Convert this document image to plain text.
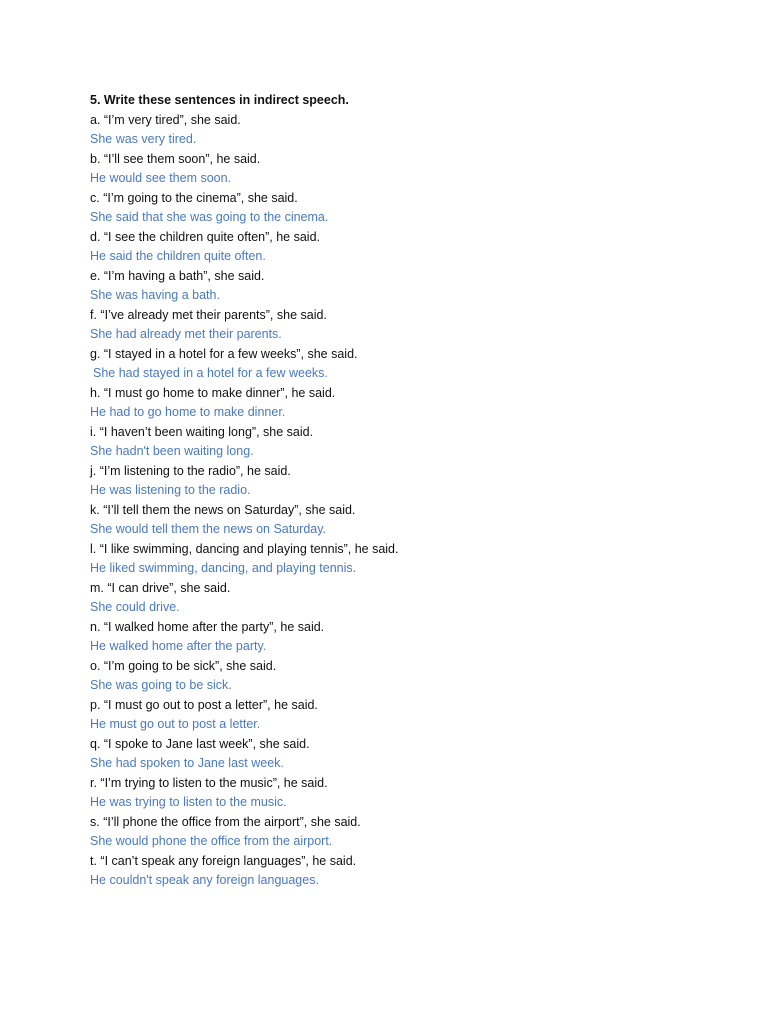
5. Write these sentences in indirect speech.
a. “I’m very tired”, she said.
She was very tired.
b. “I’ll see them soon”, he said.
He would see them soon.
c. “I’m going to the cinema”, she said.
She said that she was going to the cinema.
d. “I see the children quite often”, he said.
He said the children quite often.
e. “I’m having a bath”, she said.
She was having a bath.
f. “I’ve already met their parents”, she said.
She had already met their parents.
g. “I stayed in a hotel for a few weeks”, she said.
She had stayed in a hotel for a few weeks.
h. “I must go home to make dinner”, he said.
He had to go home to make dinner.
i. “I haven’t been waiting long”, she said.
She hadn't been waiting long.
j. “I’m listening to the radio”, he said.
He was listening to the radio.
k. “I’ll tell them the news on Saturday”, she said.
She would tell them the news on Saturday.
l. “I like swimming, dancing and playing tennis”, he said.
He liked swimming, dancing, and playing tennis.
m. “I can drive”, she said.
She could drive.
n. “I walked home after the party”, he said.
He walked home after the party.
o. “I’m going to be sick”, she said.
She was going to be sick.
p. “I must go out to post a letter”, he said.
He must go out to post a letter.
q. “I spoke to Jane last week”, she said.
She had spoken to Jane last week.
r. “I’m trying to listen to the music”, he said.
He was trying to listen to the music.
s. “I’ll phone the office from the airport”, she said.
She would phone the office from the airport.
t. “I can’t speak any foreign languages”, he said.
He couldn't speak any foreign languages.
